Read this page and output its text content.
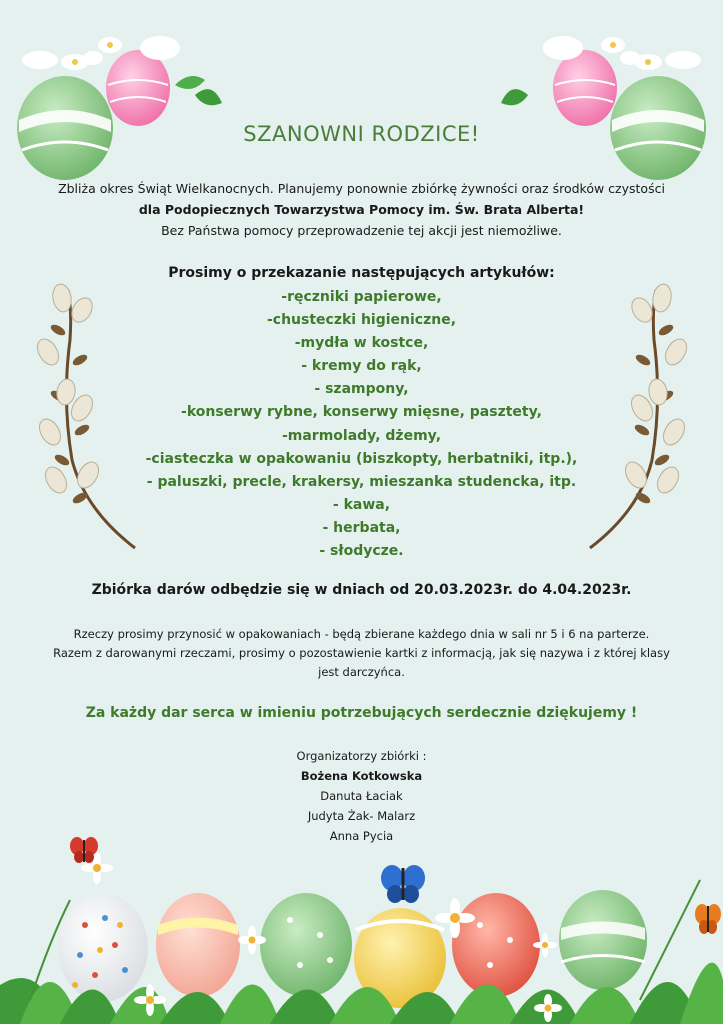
SZANOWNI RODZICE!
Zbliża okres Świąt Wielkanocnych. Planujemy ponownie zbiórkę żywności oraz środków czystości
dla Podopiecznych Towarzystwa Pomocy im. Św. Brata Alberta!
Bez Państwa pomocy przeprowadzenie tej akcji jest niemożliwe.
Prosimy o przekazanie następujących artykułów:
-ręczniki papierowe,
-chusteczki higieniczne,
-mydła w kostce,
- kremy do rąk,
- szampony,
-konserwy rybne, konserwy mięsne, pasztety,
-marmolady, dżemy,
-ciasteczka w opakowaniu (biszkopty, herbatniki, itp.),
- paluszki, precle, krakersy, mieszanka studencka, itp.
- kawa,
- herbata,
- słodycze.
Zbiórka darów odbędzie się w dniach od 20.03.2023r. do 4.04.2023r.
Rzeczy prosimy przynosić w opakowaniach - będą zbierane każdego dnia w sali nr 5 i 6 na parterze.
Razem z darowanymi rzeczami, prosimy o pozostawienie kartki z informacją, jak się nazywa i z której klasy
jest darczyńca.
Za każdy dar serca w imieniu potrzebujących serdecznie dziękujemy !
Organizatorzy zbiórki :
Bożena Kotkowska
Danuta Łaciak
Judyta Żak- Malarz
Anna Pycia
